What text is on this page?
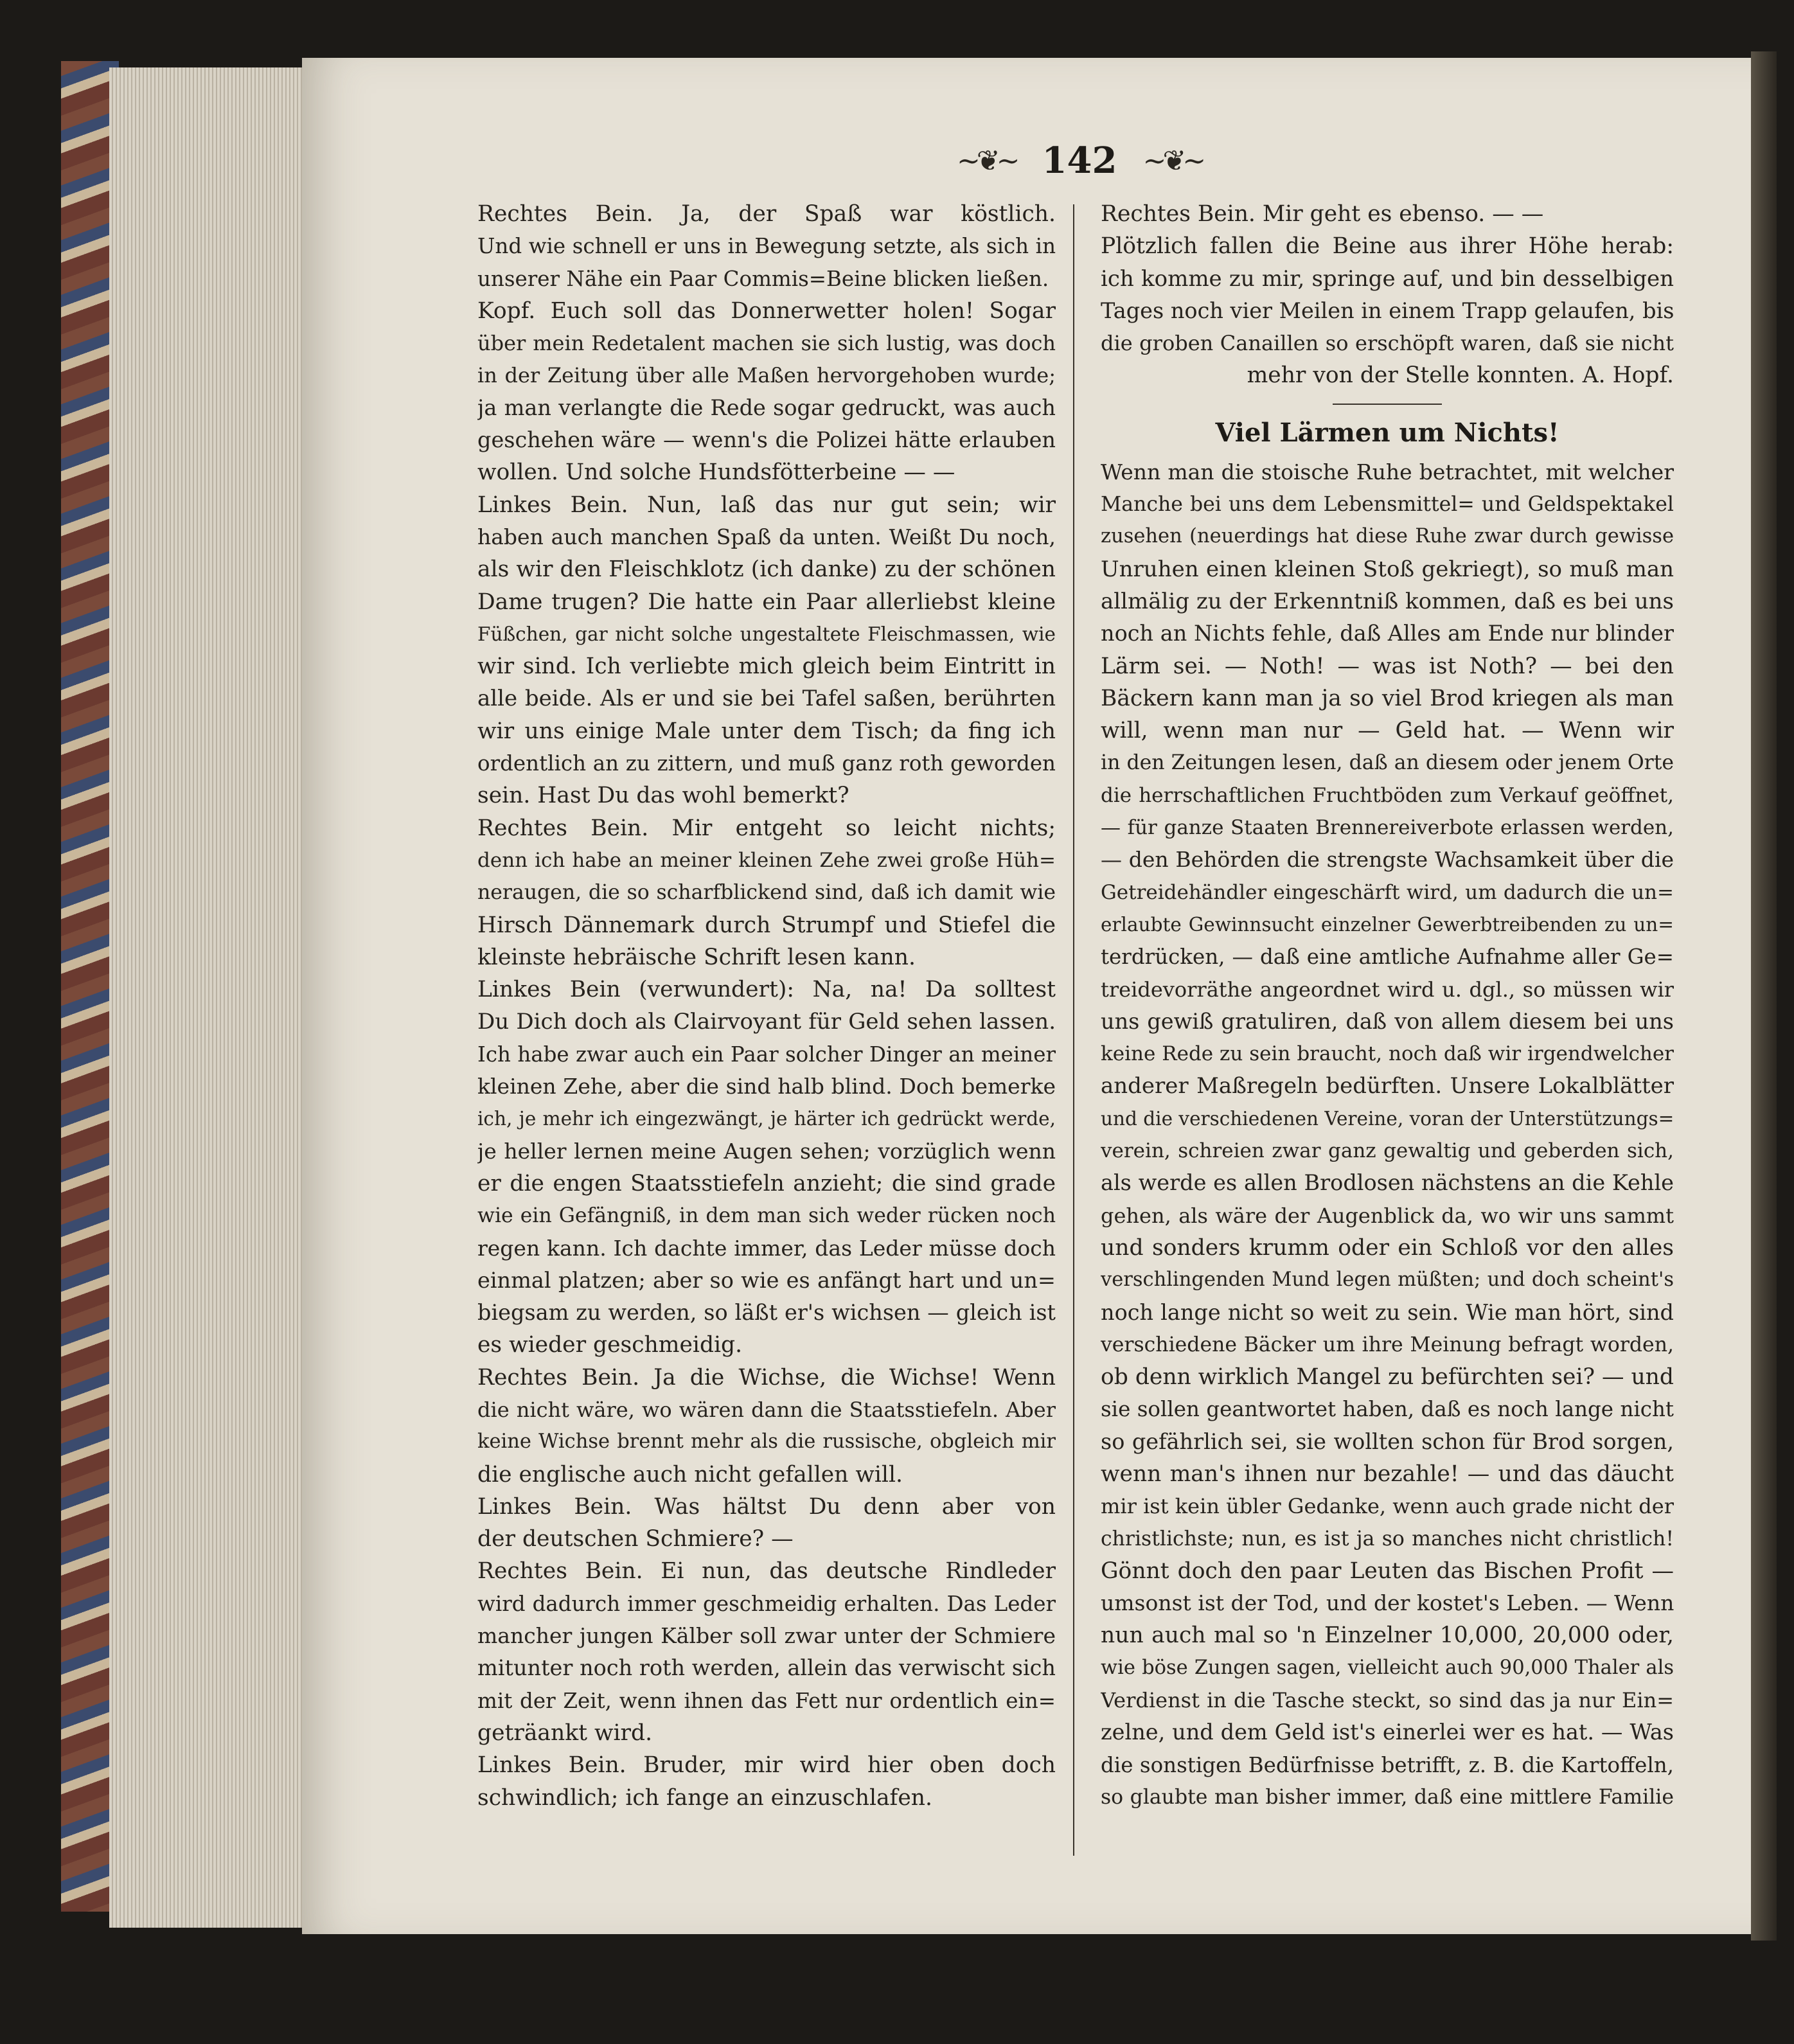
~❦~ 142 ~❦~
Rechtes Bein. Ja, der Spaß war köstlich.
Und wie schnell er uns in Bewegung setzte, als sich in
unserer Nähe ein Paar Commis=Beine blicken ließen.
Kopf. Euch soll das Donnerwetter holen! Sogar
über mein Redetalent machen sie sich lustig, was doch
in der Zeitung über alle Maßen hervorgehoben wurde;
ja man verlangte die Rede sogar gedruckt, was auch
geschehen wäre — wenn's die Polizei hätte erlauben
wollen. Und solche Hundsfötterbeine — —
Linkes Bein. Nun, laß das nur gut sein; wir
haben auch manchen Spaß da unten. Weißt Du noch,
als wir den Fleischklotz (ich danke) zu der schönen
Dame trugen? Die hatte ein Paar allerliebst kleine
Füßchen, gar nicht solche ungestaltete Fleischmassen, wie
wir sind. Ich verliebte mich gleich beim Eintritt in
alle beide. Als er und sie bei Tafel saßen, berührten
wir uns einige Male unter dem Tisch; da fing ich
ordentlich an zu zittern, und muß ganz roth geworden
sein. Hast Du das wohl bemerkt?
Rechtes Bein. Mir entgeht so leicht nichts;
denn ich habe an meiner kleinen Zehe zwei große Hüh=
neraugen, die so scharfblickend sind, daß ich damit wie
Hirsch Dännemark durch Strumpf und Stiefel die
kleinste hebräische Schrift lesen kann.
Linkes Bein (verwundert): Na, na! Da solltest
Du Dich doch als Clairvoyant für Geld sehen lassen.
Ich habe zwar auch ein Paar solcher Dinger an meiner
kleinen Zehe, aber die sind halb blind. Doch bemerke
ich, je mehr ich eingezwängt, je härter ich gedrückt werde,
je heller lernen meine Augen sehen; vorzüglich wenn
er die engen Staatsstiefeln anzieht; die sind grade
wie ein Gefängniß, in dem man sich weder rücken noch
regen kann. Ich dachte immer, das Leder müsse doch
einmal platzen; aber so wie es anfängt hart und un=
biegsam zu werden, so läßt er's wichsen — gleich ist
es wieder geschmeidig.
Rechtes Bein. Ja die Wichse, die Wichse! Wenn
die nicht wäre, wo wären dann die Staatsstiefeln. Aber
keine Wichse brennt mehr als die russische, obgleich mir
die englische auch nicht gefallen will.
Linkes Bein. Was hältst Du denn aber von
der deutschen Schmiere? —
Rechtes Bein. Ei nun, das deutsche Rindleder
wird dadurch immer geschmeidig erhalten. Das Leder
mancher jungen Kälber soll zwar unter der Schmiere
mitunter noch roth werden, allein das verwischt sich
mit der Zeit, wenn ihnen das Fett nur ordentlich ein=
geträankt wird.
Linkes Bein. Bruder, mir wird hier oben doch
schwindlich; ich fange an einzuschlafen.
Rechtes Bein. Mir geht es ebenso. — —
Plötzlich fallen die Beine aus ihrer Höhe herab:
ich komme zu mir, springe auf, und bin desselbigen
Tages noch vier Meilen in einem Trapp gelaufen, bis
die groben Canaillen so erschöpft waren, daß sie nicht
mehr von der Stelle konnten. A. Hopf.
Viel Lärmen um Nichts!
Wenn man die stoische Ruhe betrachtet, mit welcher
Manche bei uns dem Lebensmittel= und Geldspektakel
zusehen (neuerdings hat diese Ruhe zwar durch gewisse
Unruhen einen kleinen Stoß gekriegt), so muß man
allmälig zu der Erkenntniß kommen, daß es bei uns
noch an Nichts fehle, daß Alles am Ende nur blinder
Lärm sei. — Noth! — was ist Noth? — bei den
Bäckern kann man ja so viel Brod kriegen als man
will, wenn man nur — Geld hat. — Wenn wir
in den Zeitungen lesen, daß an diesem oder jenem Orte
die herrschaftlichen Fruchtböden zum Verkauf geöffnet,
— für ganze Staaten Brennereiverbote erlassen werden,
— den Behörden die strengste Wachsamkeit über die
Getreidehändler eingeschärft wird, um dadurch die un=
erlaubte Gewinnsucht einzelner Gewerbtreibenden zu un=
terdrücken, — daß eine amtliche Aufnahme aller Ge=
treidevorräthe angeordnet wird u. dgl., so müssen wir
uns gewiß gratuliren, daß von allem diesem bei uns
keine Rede zu sein braucht, noch daß wir irgendwelcher
anderer Maßregeln bedürften. Unsere Lokalblätter
und die verschiedenen Vereine, voran der Unterstützungs=
verein, schreien zwar ganz gewaltig und geberden sich,
als werde es allen Brodlosen nächstens an die Kehle
gehen, als wäre der Augenblick da, wo wir uns sammt
und sonders krumm oder ein Schloß vor den alles
verschlingenden Mund legen müßten; und doch scheint's
noch lange nicht so weit zu sein. Wie man hört, sind
verschiedene Bäcker um ihre Meinung befragt worden,
ob denn wirklich Mangel zu befürchten sei? — und
sie sollen geantwortet haben, daß es noch lange nicht
so gefährlich sei, sie wollten schon für Brod sorgen,
wenn man's ihnen nur bezahle! — und das däucht
mir ist kein übler Gedanke, wenn auch grade nicht der
christlichste; nun, es ist ja so manches nicht christlich!
Gönnt doch den paar Leuten das Bischen Profit —
umsonst ist der Tod, und der kostet's Leben. — Wenn
nun auch mal so 'n Einzelner 10,000, 20,000 oder,
wie böse Zungen sagen, vielleicht auch 90,000 Thaler als
Verdienst in die Tasche steckt, so sind das ja nur Ein=
zelne, und dem Geld ist's einerlei wer es hat. — Was
die sonstigen Bedürfnisse betrifft, z. B. die Kartoffeln,
so glaubte man bisher immer, daß eine mittlere Familie
